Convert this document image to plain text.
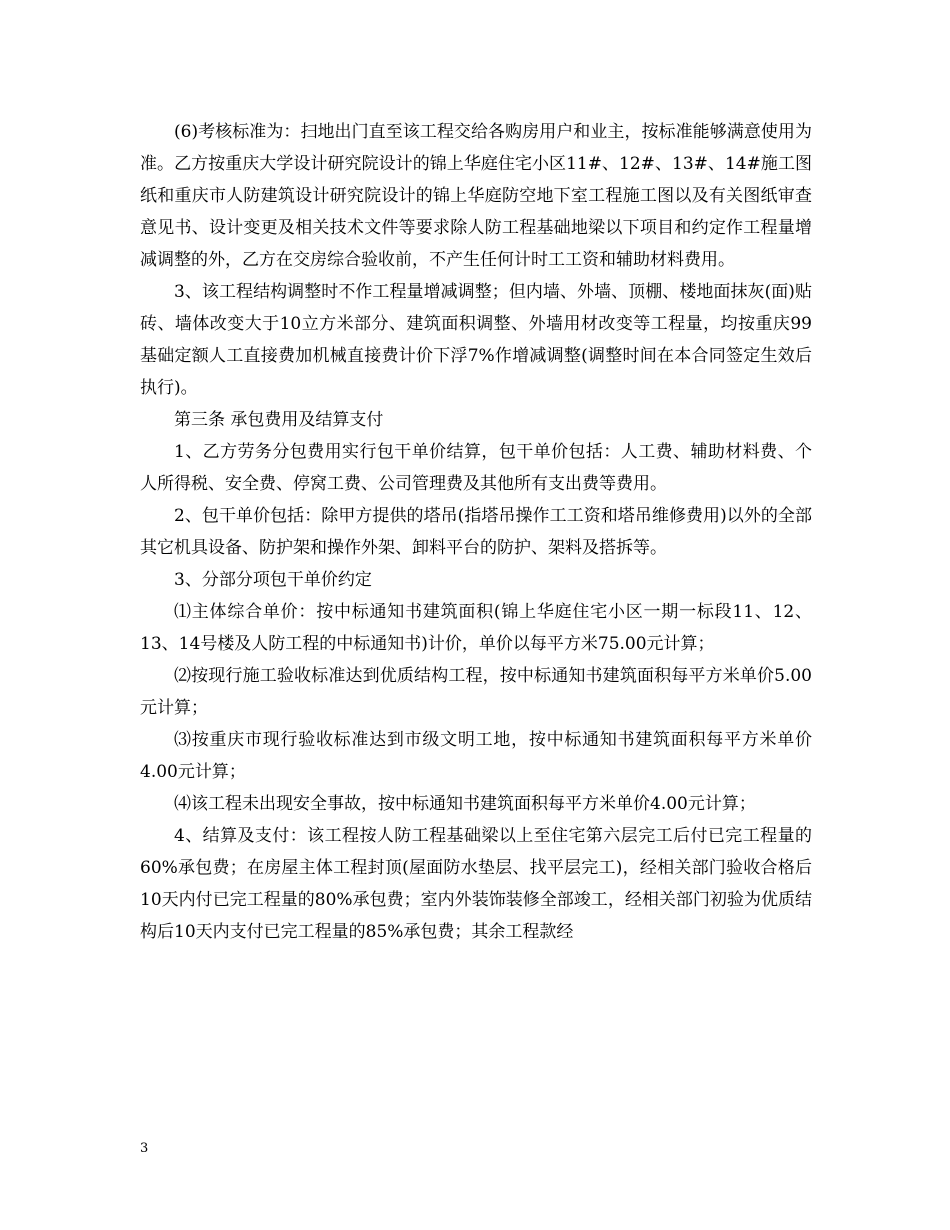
(6)考核标准为：扫地出门直至该工程交给各购房用户和业主，按标准能够满意使用为准。乙方按重庆大学设计研究院设计的锦上华庭住宅小区11#、12#、13#、14#施工图纸和重庆市人防建筑设计研究院设计的锦上华庭防空地下室工程施工图以及有关图纸审查意见书、设计变更及相关技术文件等要求除人防工程基础地梁以下项目和约定作工程量增减调整的外，乙方在交房综合验收前，不产生任何计时工工资和辅助材料费用。

3、该工程结构调整时不作工程量增减调整；但内墙、外墙、顶棚、楼地面抹灰(面)贴砖、墙体改变大于10立方米部分、建筑面积调整、外墙用材改变等工程量，均按重庆99基础定额人工直接费加机械直接费计价下浮7%作增减调整(调整时间在本合同签定生效后执行)。

第三条 承包费用及结算支付

1、乙方劳务分包费用实行包干单价结算，包干单价包括：人工费、辅助材料费、个人所得税、安全费、停窝工费、公司管理费及其他所有支出费等费用。

2、包干单价包括：除甲方提供的塔吊(指塔吊操作工工资和塔吊维修费用)以外的全部其它机具设备、防护架和操作外架、卸料平台的防护、架料及搭拆等。

3、分部分项包干单价约定

⑴主体综合单价：按中标通知书建筑面积(锦上华庭住宅小区一期一标段11、12、13、14号楼及人防工程的中标通知书)计价，单价以每平方米75.00元计算；

⑵按现行施工验收标准达到优质结构工程，按中标通知书建筑面积每平方米单价5.00元计算；

⑶按重庆市现行验收标准达到市级文明工地，按中标通知书建筑面积每平方米单价4.00元计算；

⑷该工程未出现安全事故，按中标通知书建筑面积每平方米单价4.00元计算；

4、结算及支付：该工程按人防工程基础梁以上至住宅第六层完工后付已完工程量的60%承包费；在房屋主体工程封顶(屋面防水垫层、找平层完工)，经相关部门验收合格后10天内付已完工程量的80%承包费；室内外装饰装修全部竣工，经相关部门初验为优质结构后10天内支付已完工程量的85%承包费；其余工程款经

3
